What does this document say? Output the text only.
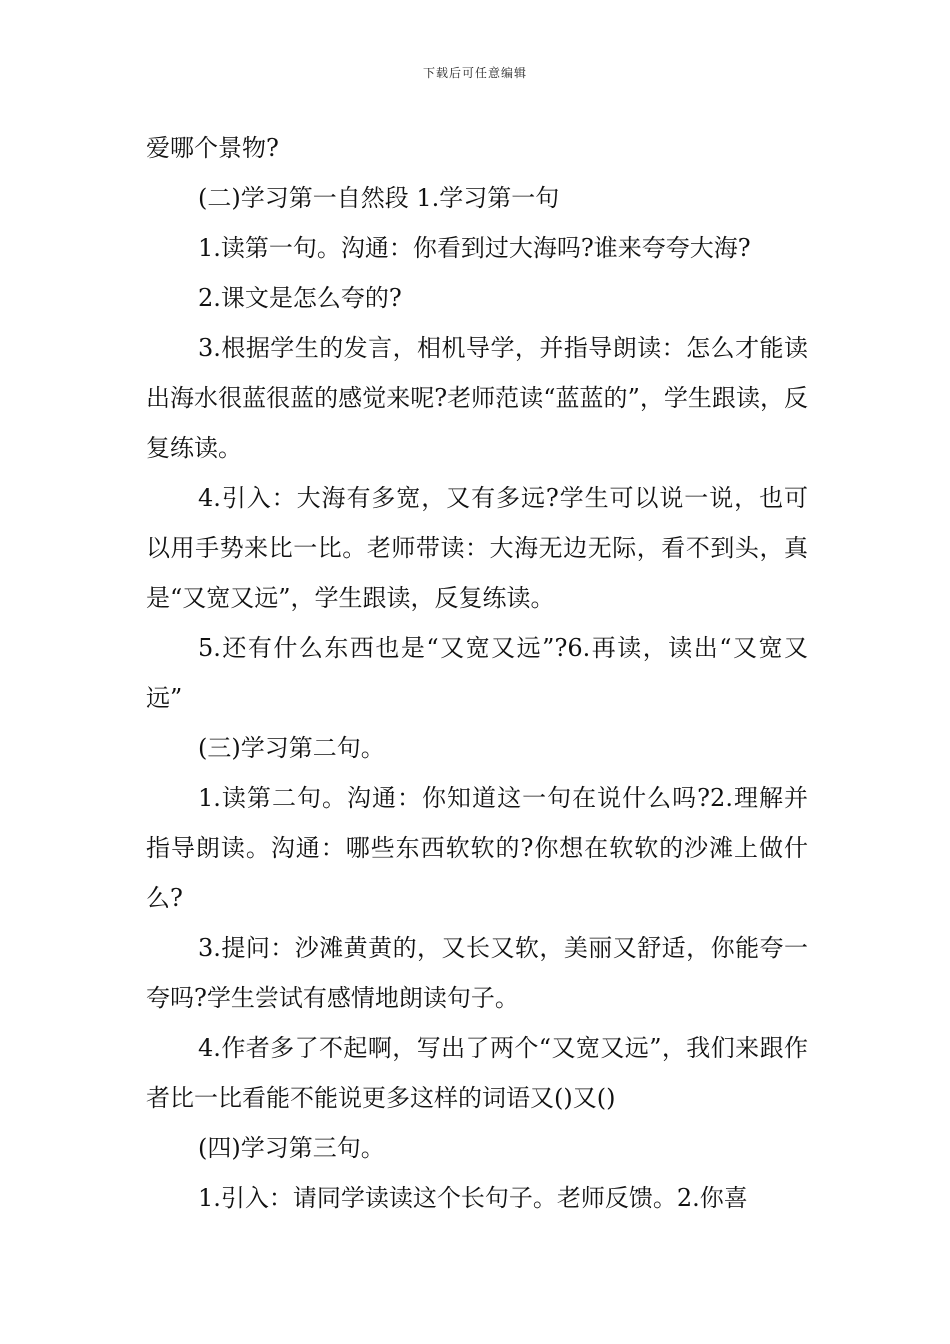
下载后可任意编辑

爱哪个景物?

(二)学习第一自然段 1.学习第一句

1.读第一句。沟通：你看到过大海吗?谁来夸夸大海?

2.课文是怎么夸的?

3.根据学生的发言，相机导学，并指导朗读：怎么才能读出海水很蓝很蓝的感觉来呢?老师范读“蓝蓝的”，学生跟读，反复练读。

4.引入：大海有多宽，又有多远?学生可以说一说，也可以用手势来比一比。老师带读：大海无边无际，看不到头，真是“又宽又远”，学生跟读，反复练读。

5.还有什么东西也是“又宽又远”?6.再读，读出“又宽又远”

(三)学习第二句。

1.读第二句。沟通：你知道这一句在说什么吗?2.理解并指导朗读。沟通：哪些东西软软的?你想在软软的沙滩上做什么?

3.提问：沙滩黄黄的，又长又软，美丽又舒适，你能夸一夸吗?学生尝试有感情地朗读句子。

4.作者多了不起啊，写出了两个“又宽又远”，我们来跟作者比一比看能不能说更多这样的词语又()又()

(四)学习第三句。

1.引入：请同学读读这个长句子。老师反馈。2.你喜
